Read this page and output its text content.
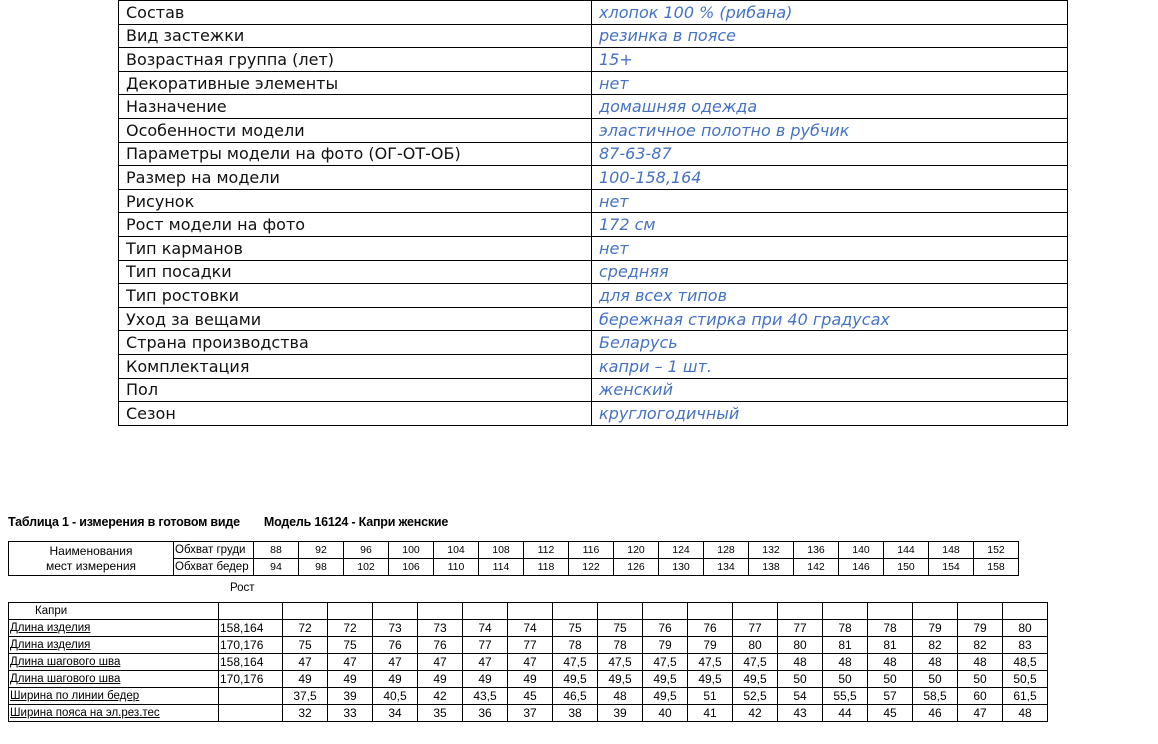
Состав	хлопок 100 % (рибана)
Вид застежки	резинка в поясе
Возрастная группа (лет)	15+
Декоративные элементы	нет
Назначение	домашняя одежда
Особенности модели	эластичное полотно в рубчик
Параметры модели на фото (ОГ-ОТ-ОБ)	87-63-87
Размер на модели	100-158,164
Рисунок	нет
Рост модели на фото	172 см
Тип карманов	нет
Тип посадки	средняя
Тип ростовки	для всех типов
Уход за вещами	бережная стирка при 40 градусах
Страна производства	Беларусь
Комплектация	капри – 1 шт.
Пол	женский
Сезон	круглогодичный
Таблица 1 - измерения в готовом виде Модель 16124 - Капри женские
Наименования
мест измерения	Обхват груди	88	92	96	100	104	108	112	116	120	124	128	132	136	140	144	148	152
	Обхват бедер	94	98	102	106	110	114	118	122	126	130	134	138	142	146	150	154	158
Рост
Капри																		
Длина изделия	158,164	72	72	73	73	74	74	75	75	76	76	77	77	78	78	79	79	80
Длина изделия	170,176	75	75	76	76	77	77	78	78	79	79	80	80	81	81	82	82	83
Длина шагового шва	158,164	47	47	47	47	47	47	47,5	47,5	47,5	47,5	47,5	48	48	48	48	48	48,5
Длина шагового шва	170,176	49	49	49	49	49	49	49,5	49,5	49,5	49,5	49,5	50	50	50	50	50	50,5
Ширина по линии бедер		37,5	39	40,5	42	43,5	45	46,5	48	49,5	51	52,5	54	55,5	57	58,5	60	61,5
Ширина пояса на эл.рез.тес		32	33	34	35	36	37	38	39	40	41	42	43	44	45	46	47	48
